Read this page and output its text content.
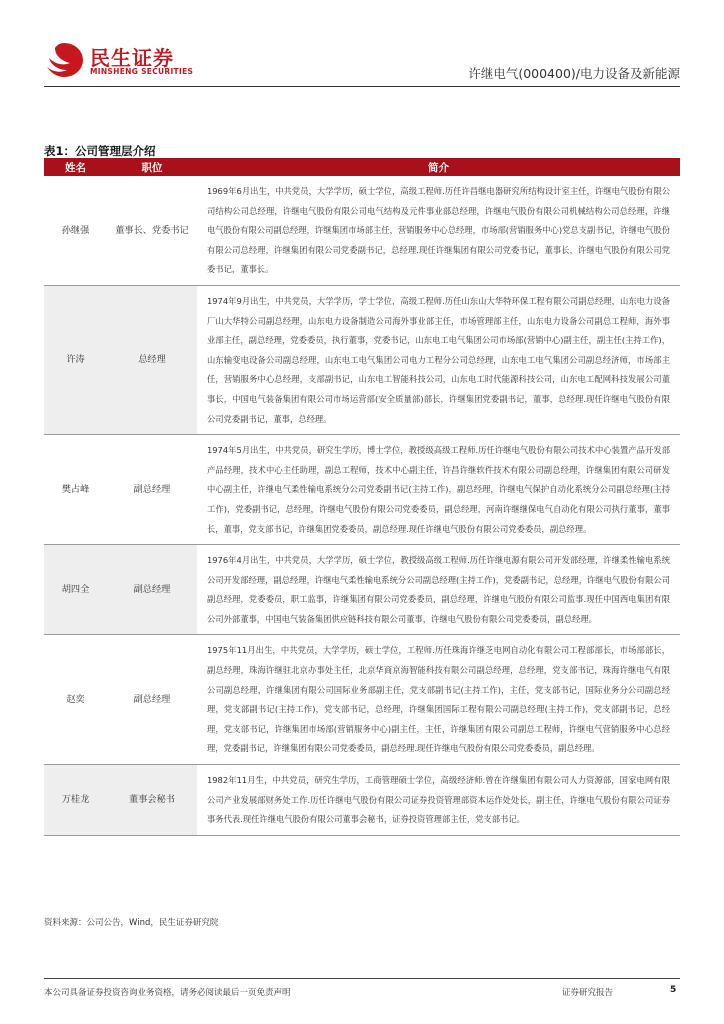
民生证券
MINSHENG SECURITIES	许继电气(000400)/电力设备及新能源
表1：公司管理层介绍
姓名	职位	简介
孙继强	董事长、党委书记	1969年6月出生，中共党员，大学学历，硕士学位，高级工程师.历任许昌继电器研究所结构设计室主任，许继电气股份有限公司结构公司总经理，许继电气股份有限公司电气结构及元件事业部总经理，许继电气股份有限公司机械结构公司总经理，许继电气股份有限公司副总经理，许继集团市场部主任，营销服务中心总经理，市场部(营销服务中心)党总支副书记，许继电气股份有限公司总经理，许继集团有限公司党委副书记，总经理.现任许继集团有限公司党委书记，董事长，许继电气股份有限公司党委书记，董事长。
许涛	总经理	1974年9月出生，中共党员，大学学历，学士学位，高级工程师.历任山东山大华特环保工程有限公司副总经理，山东电力设备厂山大华特公司副总经理，山东电力设备制造公司海外事业部主任，市场管理部主任，山东电力设备公司副总工程师，海外事业部主任，副总经理，党委委员，执行董事，党委书记，山东电工电气集团公司市场部(营销中心)副主任，副主任(主持工作)，山东输变电设备公司副总经理，山东电工电气集团公司电力工程分公司总经理，山东电工电气集团公司副总经济师，市场部主任，营销服务中心总经理，支部副书记，山东电工智能科技公司，山东电工时代能源科技公司，山东电工配网科技发展公司董事长，中国电气装备集团有限公司市场运营部(安全质量部)部长，许继集团党委副书记，董事，总经理.现任许继电气股份有限公司党委副书记，董事，总经理。
樊占峰	副总经理	1974年5月出生，中共党员，研究生学历，博士学位，教授级高级工程师.历任许继电气股份有限公司技术中心装置产品开发部产品经理，技术中心主任助理，副总工程师，技术中心副主任，许昌许继软件技术有限公司副总经理，许继集团有限公司研发中心副主任，许继电气柔性输电系统分公司党委副书记(主持工作)，副总经理，许继电气保护自动化系统分公司副总经理(主持工作)，党委副书记，总经理，许继电气股份有限公司党委委员，副总经理，河南许继继保电气自动化有限公司执行董事，董事长，董事，党支部书记，许继集团党委委员，副总经理.现任许继电气股份有限公司党委委员，副总经理。
胡四全	副总经理	1976年4月出生，中共党员，大学学历，硕士学位，教授级高级工程师.历任许继电源有限公司开发部经理，许继柔性输电系统公司开发部经理，副总经理，许继电气柔性输电系统分公司副总经理(主持工作)，党委副书记，总经理，许继电气股份有限公司副总经理，党委委员，职工监事，许继集团有限公司党委委员，副总经理，许继电气股份有限公司监事.现任中国西电集团有限公司外部董事，中国电气装备集团供应链科技有限公司董事，许继电气股份有限公司党委委员，副总经理。
赵奕	副总经理	1975年11月出生，中共党员，大学学历，硕士学位，工程师.历任珠海许继芝电网自动化有限公司工程部部长，市场部部长，副总经理，珠海许继驻北京办事处主任，北京华商京海智能科技有限公司副总经理，总经理，党支部书记，珠海许继电气有限公司副总经理，许继集团有限公司国际业务部副主任，党支部副书记(主持工作)，主任，党支部书记，国际业务分公司副总经理，党支部副书记(主持工作)，党支部书记，总经理，许继集团国际工程有限公司副总经理(主持工作)，党支部副书记，总经理，党支部书记，许继集团市场部(营销服务中心)副主任，主任，许继集团有限公司副总工程师，许继电气营销服务中心总经理，党委副书记，许继集团有限公司党委委员，副总经理.现任许继电气股份有限公司党委委员，副总经理。
万桂龙	董事会秘书	1982年11月生，中共党员，研究生学历，工商管理硕士学位，高级经济师.曾在许继集团有限公司人力资源部，国家电网有限公司产业发展部财务处工作.历任许继电气股份有限公司证券投资管理部资本运作处处长，副主任，许继电气股份有限公司证券事务代表.现任许继电气股份有限公司董事会秘书，证券投资管理部主任，党支部书记。
资料来源：公司公告，Wind，民生证券研究院
本公司具备证券投资咨询业务资格，请务必阅读最后一页免责声明	证券研究报告	5
